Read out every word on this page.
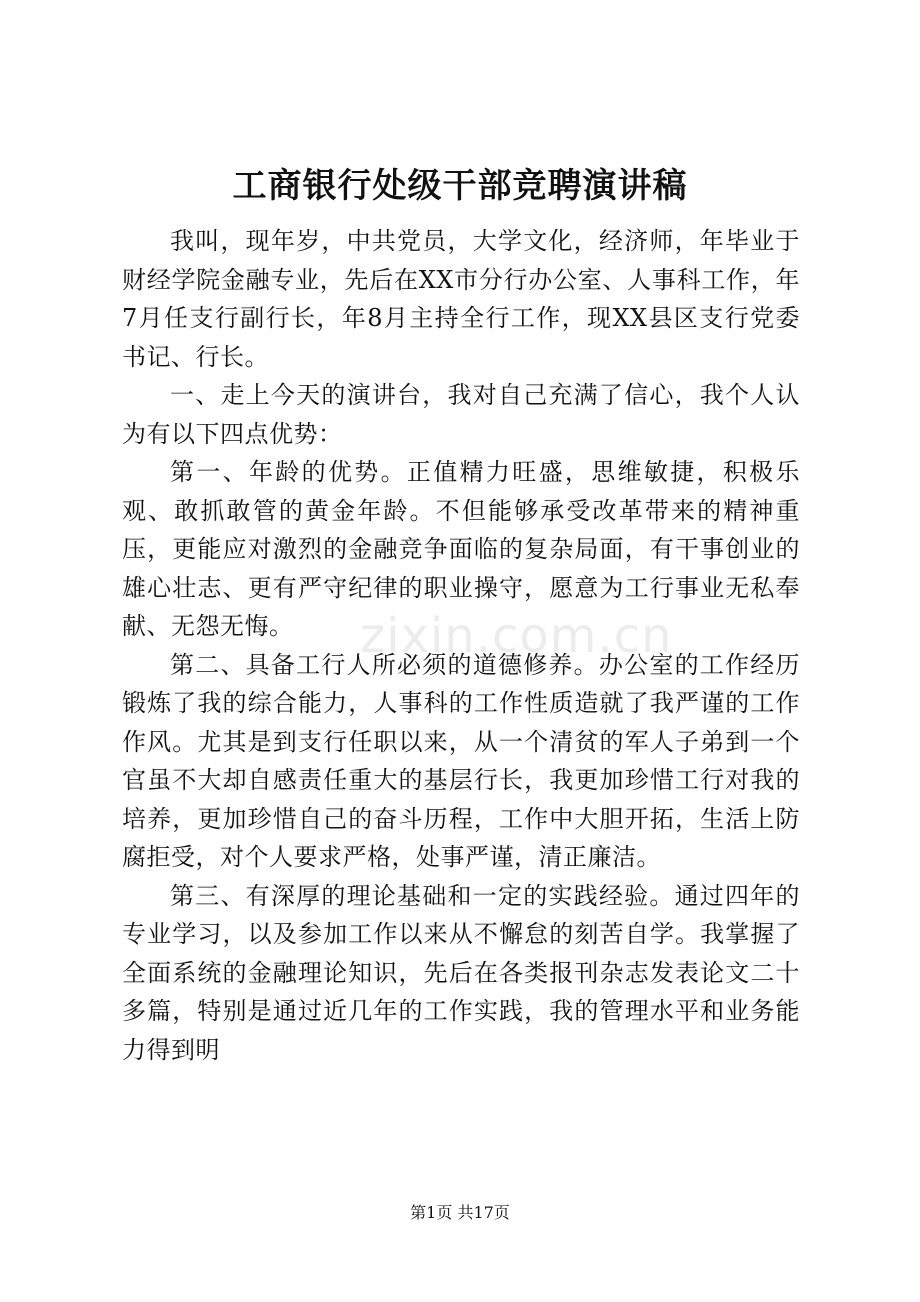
工商银行处级干部竞聘演讲稿

我叫，现年岁，中共党员，大学文化，经济师，年毕业于财经学院金融专业，先后在XX市分行办公室、人事科工作，年7月任支行副行长，年8月主持全行工作，现XX县区支行党委书记、行长。

一、走上今天的演讲台，我对自己充满了信心，我个人认为有以下四点优势：

第一、年龄的优势。正值精力旺盛，思维敏捷，积极乐观、敢抓敢管的黄金年龄。不但能够承受改革带来的精神重压，更能应对激烈的金融竞争面临的复杂局面，有干事创业的雄心壮志、更有严守纪律的职业操守，愿意为工行事业无私奉献、无怨无悔。

第二、具备工行人所必须的道德修养。办公室的工作经历锻炼了我的综合能力，人事科的工作性质造就了我严谨的工作作风。尤其是到支行任职以来，从一个清贫的军人子弟到一个官虽不大却自感责任重大的基层行长，我更加珍惜工行对我的培养，更加珍惜自己的奋斗历程，工作中大胆开拓，生活上防腐拒受，对个人要求严格，处事严谨，清正廉洁。

第三、有深厚的理论基础和一定的实践经验。通过四年的专业学习，以及参加工作以来从不懈怠的刻苦自学。我掌握了全面系统的金融理论知识，先后在各类报刊杂志发表论文二十多篇，特别是通过近几年的工作实践，我的管理水平和业务能力得到明

zixin.com.cn
第1页 共17页
